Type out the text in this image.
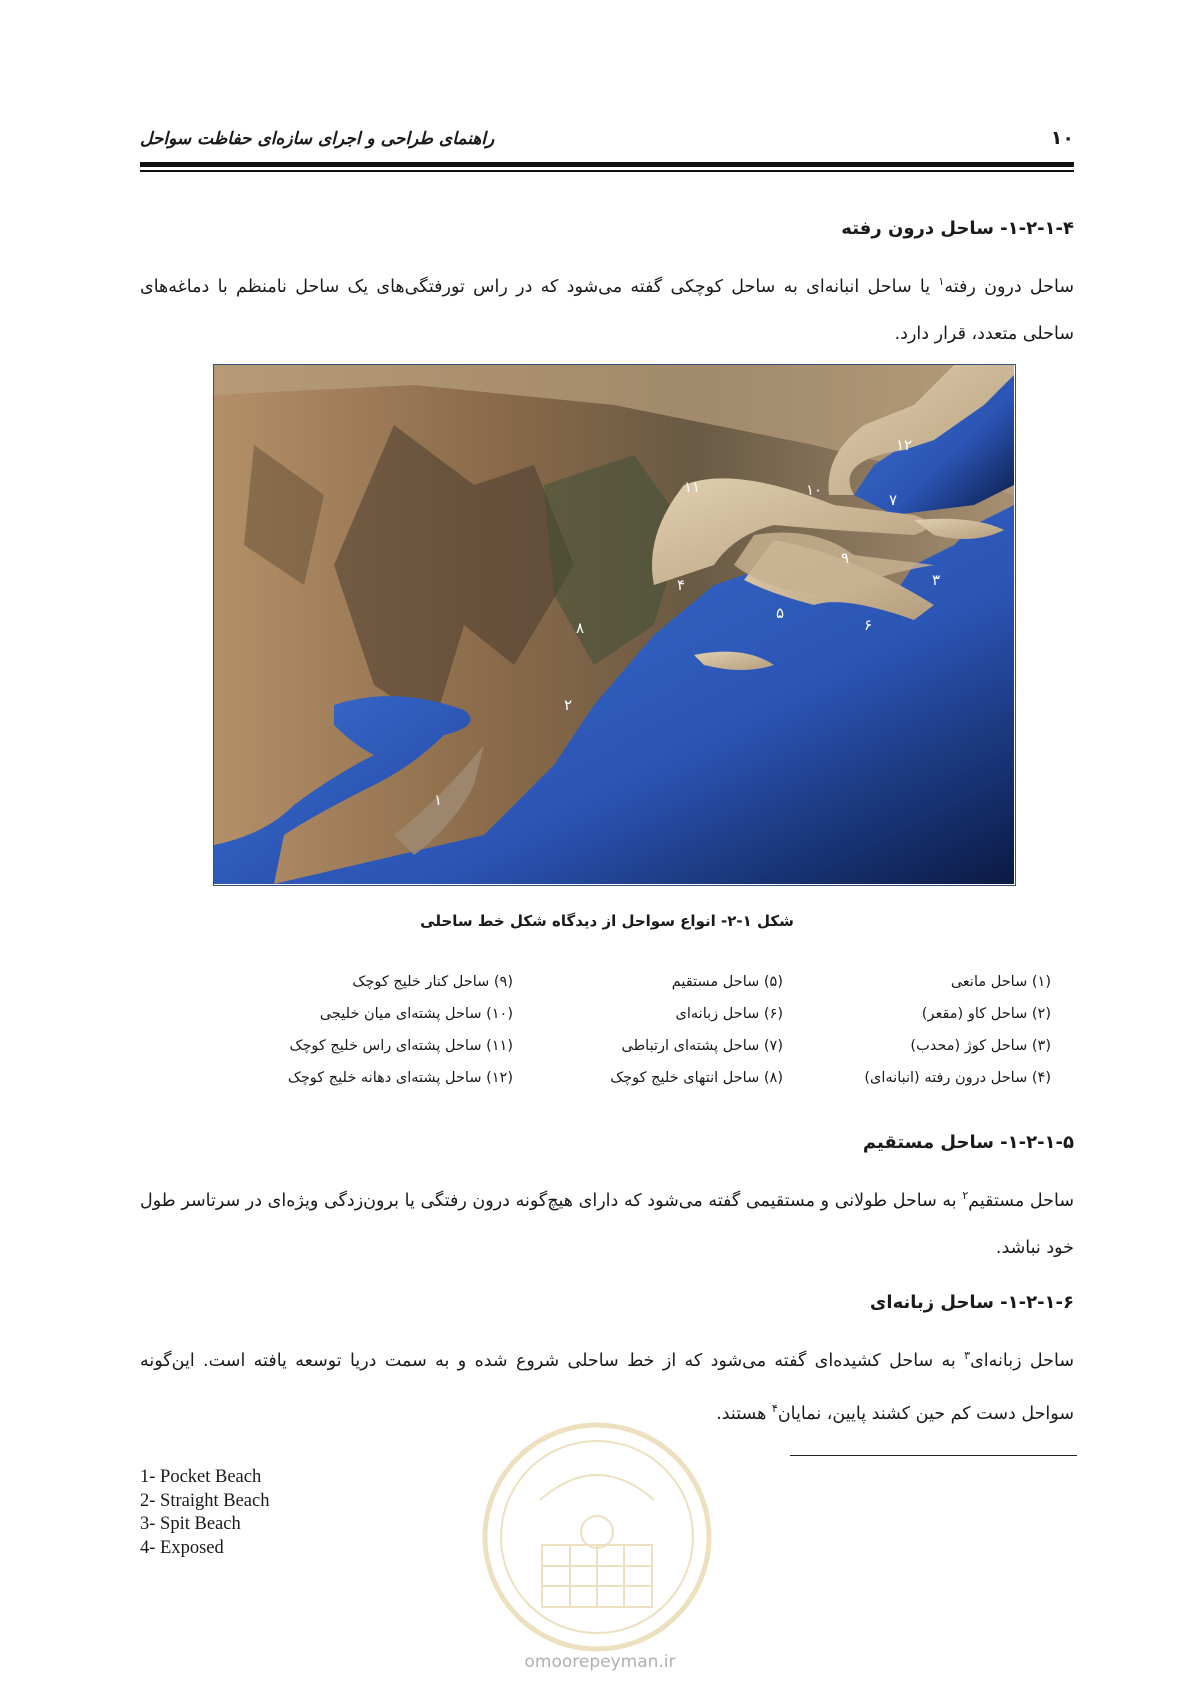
راهنمای طراحی و اجرای سازه‌ای حفاظت سواحل	۱۰
۱-۲-۱-۴- ساحل درون رفته
ساحل درون رفته$^۱$ یا ساحل انبانه‌ای به ساحل کوچکی گفته می‌شود که در راس تورفتگی‌های یک ساحل نامنظم با دماغه‌های ساحلی متعدد، قرار دارد.
۱
۲
۳
۴
۵
۶
۷
۸
۹
۱۰
۱۱
۱۲
شکل ۱-۲- انواع سواحل از دیدگاه شکل خط ساحلی
(۱) ساحل مانعی
(۲) ساحل کاو (مقعر)
(۳) ساحل کوژ (محدب)
(۴) ساحل درون رفته (انبانه‌ای)
(۵) ساحل مستقیم
(۶) ساحل زبانه‌ای
(۷) ساحل پشته‌ای ارتباطی
(۸) ساحل انتهای خلیج کوچک
(۹) ساحل کنار خلیج کوچک
(۱۰) ساحل پشته‌ای میان خلیجی
(۱۱) ساحل پشته‌ای راس خلیج کوچک
(۱۲) ساحل پشته‌ای دهانه خلیج کوچک
۱-۲-۱-۵- ساحل مستقیم
ساحل مستقیم$^۲$ به ساحل طولانی و مستقیمی گفته می‌شود که دارای هیچ‌گونه درون رفتگی یا برون‌زدگی ویژه‌ای در سرتاسر طول خود نباشد.
۱-۲-۱-۶- ساحل زبانه‌ای
ساحل زبانه‌ای$^۳$ به ساحل کشیده‌ای گفته می‌شود که از خط ساحلی شروع شده و به سمت دریا توسعه یافته است. این‌گونه سواحل دست کم حین کشند پایین، نمایان$^۴$ هستند.
1- Pocket Beach
2- Straight Beach
3- Spit Beach
4- Exposed
omoorepeyman.ir
